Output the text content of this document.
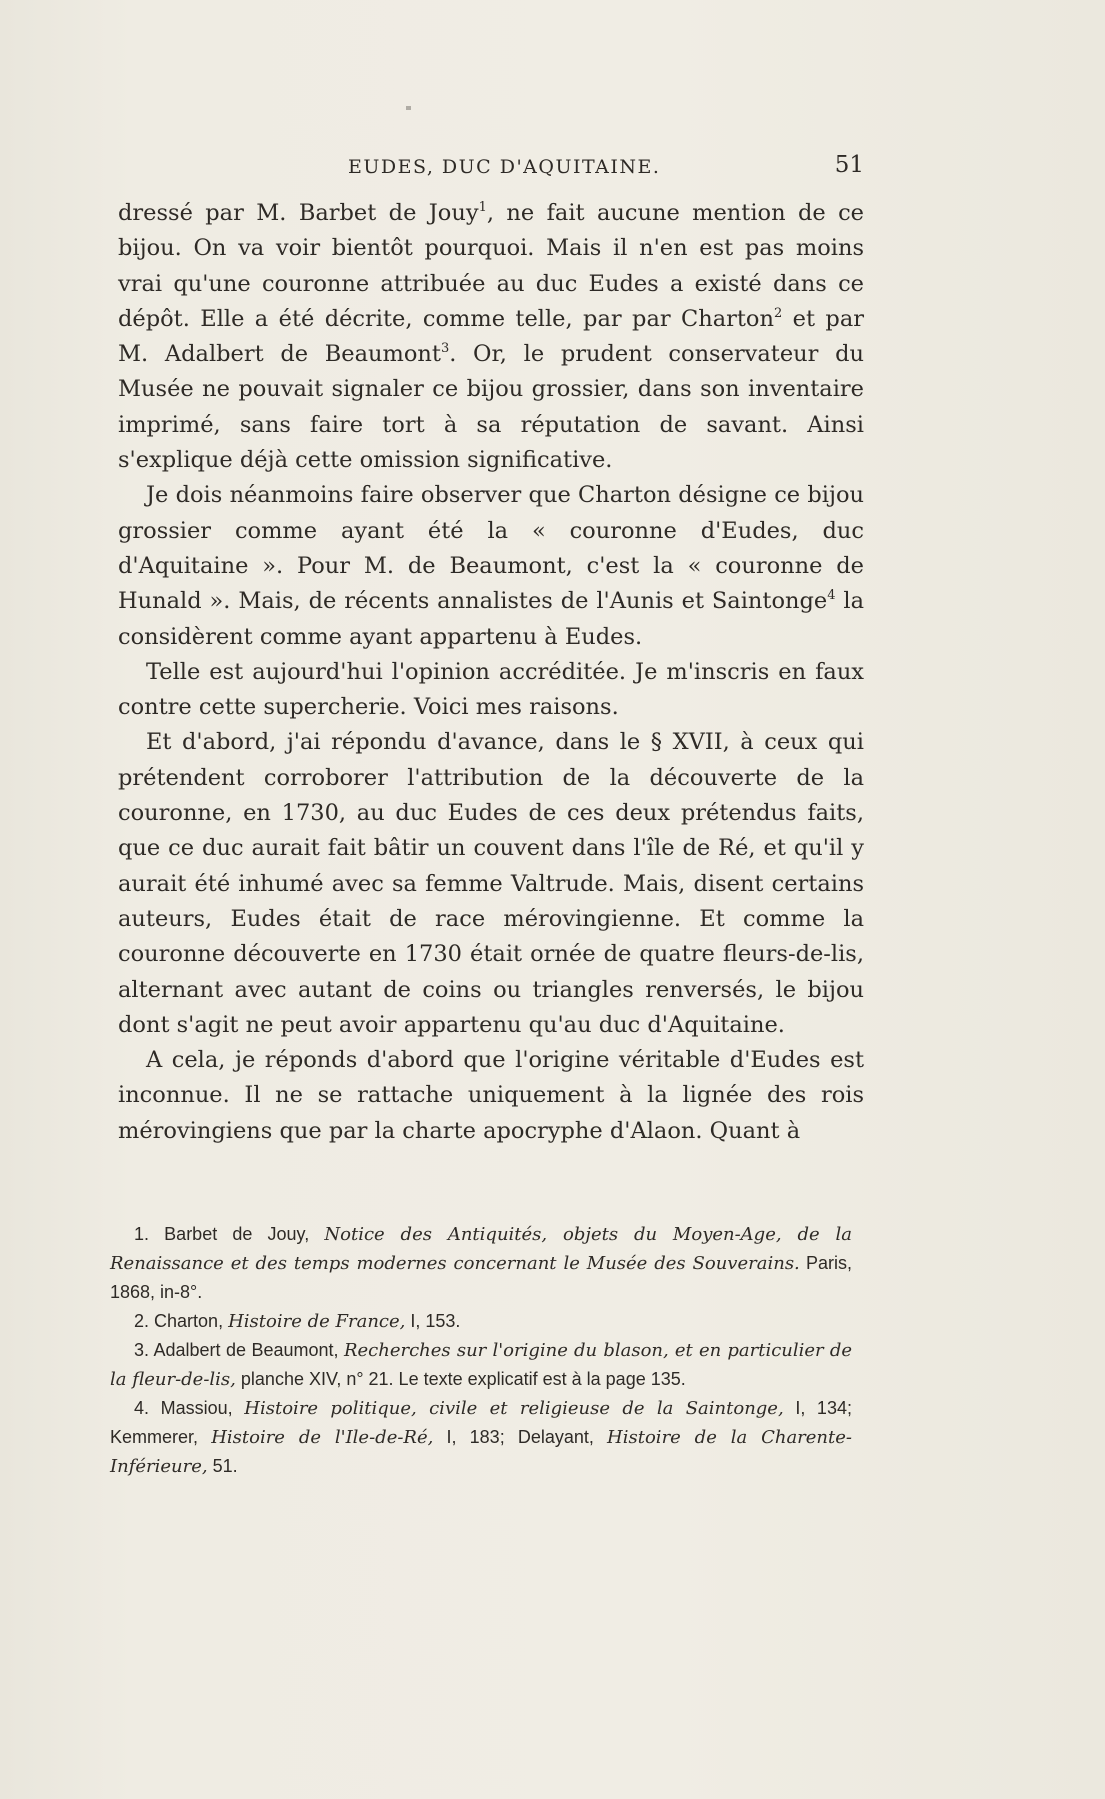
EUDES, DUC D'AQUITAINE.	51

dressé par M. Barbet de Jouy$^1$, ne fait aucune mention de ce bijou. On va voir bientôt pourquoi. Mais il n'en est pas moins vrai qu'une couronne attribuée au duc Eudes a existé dans ce dépôt. Elle a été décrite, comme telle, par par Charton$^2$ et par M. Adalbert de Beaumont$^3$. Or, le prudent conservateur du Musée ne pouvait signaler ce bijou grossier, dans son inventaire imprimé, sans faire tort à sa réputation de savant. Ainsi s'explique déjà cette omission significative.

Je dois néanmoins faire observer que Charton désigne ce bijou grossier comme ayant été la « couronne d'Eudes, duc d'Aquitaine ». Pour M. de Beaumont, c'est la « couronne de Hunald ». Mais, de récents annalistes de l'Aunis et Saintonge$^4$ la considèrent comme ayant appartenu à Eudes.

Telle est aujourd'hui l'opinion accréditée. Je m'inscris en faux contre cette supercherie. Voici mes raisons.

Et d'abord, j'ai répondu d'avance, dans le § XVII, à ceux qui prétendent corroborer l'attribution de la découverte de la couronne, en 1730, au duc Eudes de ces deux prétendus faits, que ce duc aurait fait bâtir un couvent dans l'île de Ré, et qu'il y aurait été inhumé avec sa femme Valtrude. Mais, disent certains auteurs, Eudes était de race mérovingienne. Et comme la couronne découverte en 1730 était ornée de quatre fleurs-de-lis, alternant avec autant de coins ou triangles renversés, le bijou dont s'agit ne peut avoir appartenu qu'au duc d'Aquitaine.

A cela, je réponds d'abord que l'origine véritable d'Eudes est inconnue. Il ne se rattache uniquement à la lignée des rois mérovingiens que par la charte apocryphe d'Alaon. Quant à

1. Barbet de Jouy, Notice des Antiquités, objets du Moyen-Age, de la Renaissance et des temps modernes concernant le Musée des Souverains. Paris, 1868, in-8°.

2. Charton, Histoire de France, I, 153.

3. Adalbert de Beaumont, Recherches sur l'origine du blason, et en particulier de la fleur-de-lis, planche XIV, n° 21. Le texte explicatif est à la page 135.

4. Massiou, Histoire politique, civile et religieuse de la Saintonge, I, 134; Kemmerer, Histoire de l'Ile-de-Ré, I, 183; Delayant, Histoire de la Charente-Inférieure, 51.
